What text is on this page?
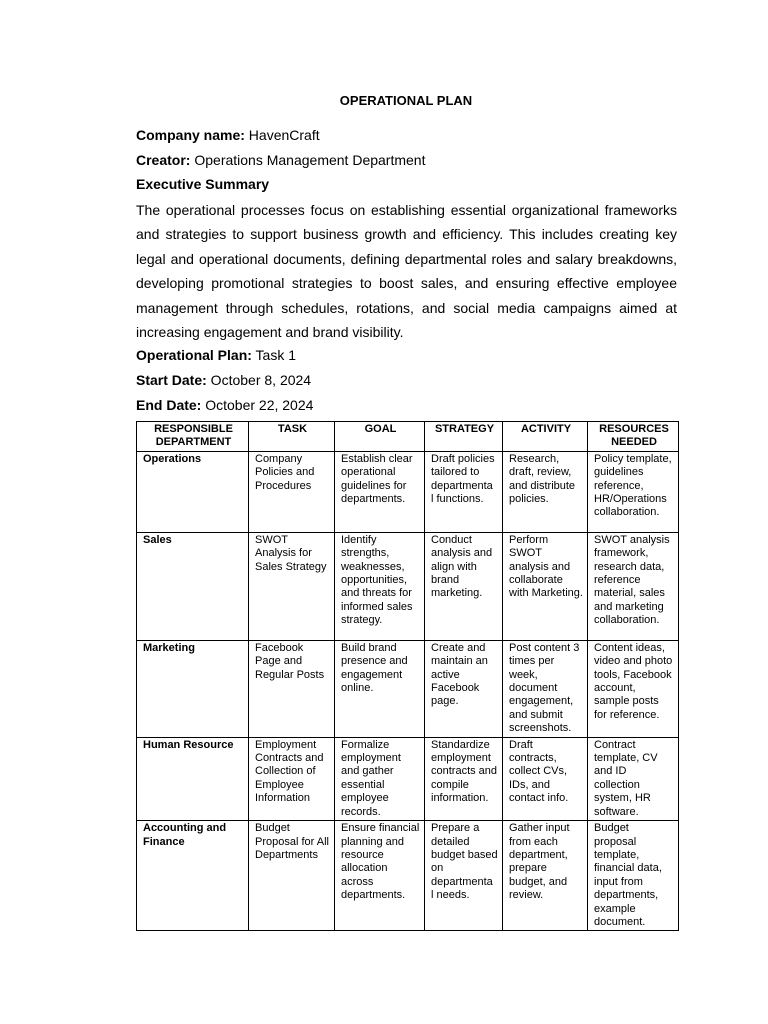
OPERATIONAL PLAN
Company name: HavenCraft
Creator: Operations Management Department
Executive Summary
The operational processes focus on establishing essential organizational frameworks and strategies to support business growth and efficiency. This includes creating key legal and operational documents, defining departmental roles and salary breakdowns, developing promotional strategies to boost sales, and ensuring effective employee management through schedules, rotations, and social media campaigns aimed at increasing engagement and brand visibility.
Operational Plan: Task 1
Start Date: October 8, 2024
End Date: October 22, 2024
RESPONSIBLE DEPARTMENT	TASK	GOAL	STRATEGY	ACTIVITY	RESOURCES NEEDED
Operations	Company Policies and Procedures	Establish clear operational guidelines for departments.	Draft policies tailored to departmenta l functions.	Research, draft, review, and distribute policies.	Policy template, guidelines reference, HR/Operations collaboration.
Sales	SWOT Analysis for Sales Strategy	Identify strengths, weaknesses, opportunities, and threats for informed sales strategy.	Conduct analysis and align with brand marketing.	Perform SWOT analysis and collaborate with Marketing.	SWOT analysis framework, research data, reference material, sales and marketing collaboration.
Marketing	Facebook Page and Regular Posts	Build brand presence and engagement online.	Create and maintain an active Facebook page.	Post content 3 times per week, document engagement, and submit screenshots.	Content ideas, video and photo tools, Facebook account, sample posts for reference.
Human Resource	Employment Contracts and Collection of Employee Information	Formalize employment and gather essential employee records.	Standardize employment contracts and compile information.	Draft contracts, collect CVs, IDs, and contact info.	Contract template, CV and ID collection system, HR software.
Accounting and Finance	Budget Proposal for All Departments	Ensure financial planning and resource allocation across departments.	Prepare a detailed budget based on departmenta l needs.	Gather input from each department, prepare budget, and review.	Budget proposal template, financial data, input from departments, example document.
